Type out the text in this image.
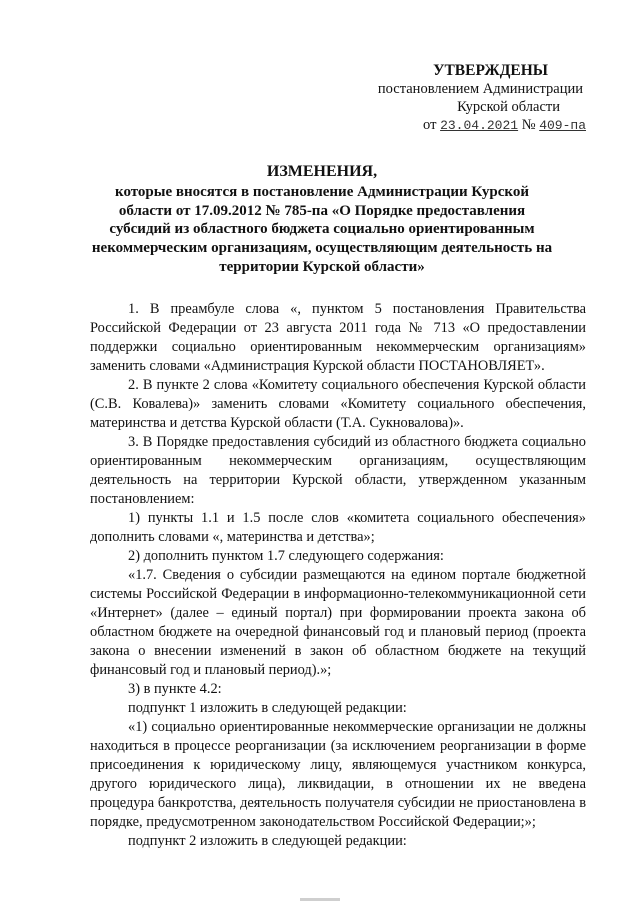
УТВЕРЖДЕНЫ
постановлением Администрации
Курской области
от 23.04.2021 № 409-па
ИЗМЕНЕНИЯ,
которые вносятся в постановление Администрации Курской области от 17.09.2012 № 785-па «О Порядке предоставления субсидий из областного бюджета социально ориентированным некоммерческим организациям, осуществляющим деятельность на территории Курской области»

1. В преамбуле слова «, пунктом 5 постановления Правительства Российской Федерации от 23 августа 2011 года № 713 «О предоставлении поддержки социально ориентированным некоммерческим организациям» заменить словами «Администрация Курской области ПОСТАНОВЛЯЕТ».

2. В пункте 2 слова «Комитету социального обеспечения Курской области (С.В. Ковалева)» заменить словами «Комитету социального обеспечения, материнства и детства Курской области (Т.А. Сукновалова)».

3. В Порядке предоставления субсидий из областного бюджета социально ориентированным некоммерческим организациям, осуществляющим деятельность на территории Курской области, утвержденном указанным постановлением:

1) пункты 1.1 и 1.5 после слов «комитета социального обеспечения» дополнить словами «, материнства и детства»;

2) дополнить пунктом 1.7 следующего содержания:

«1.7. Сведения о субсидии размещаются на едином портале бюджетной системы Российской Федерации в информационно-телекоммуникационной сети «Интернет» (далее – единый портал) при формировании проекта закона об областном бюджете на очередной финансовый год и плановый период (проекта закона о внесении изменений в закон об областном бюджете на текущий финансовый год и плановый период).»;

3) в пункте 4.2:

подпункт 1 изложить в следующей редакции:

«1) социально ориентированные некоммерческие организации не должны находиться в процессе реорганизации (за исключением реорганизации в форме присоединения к юридическому лицу, являющемуся участником конкурса, другого юридического лица), ликвидации, в отношении их не введена процедура банкротства, деятельность получателя субсидии не приостановлена в порядке, предусмотренном законодательством Российской Федерации;»;

подпункт 2 изложить в следующей редакции:
